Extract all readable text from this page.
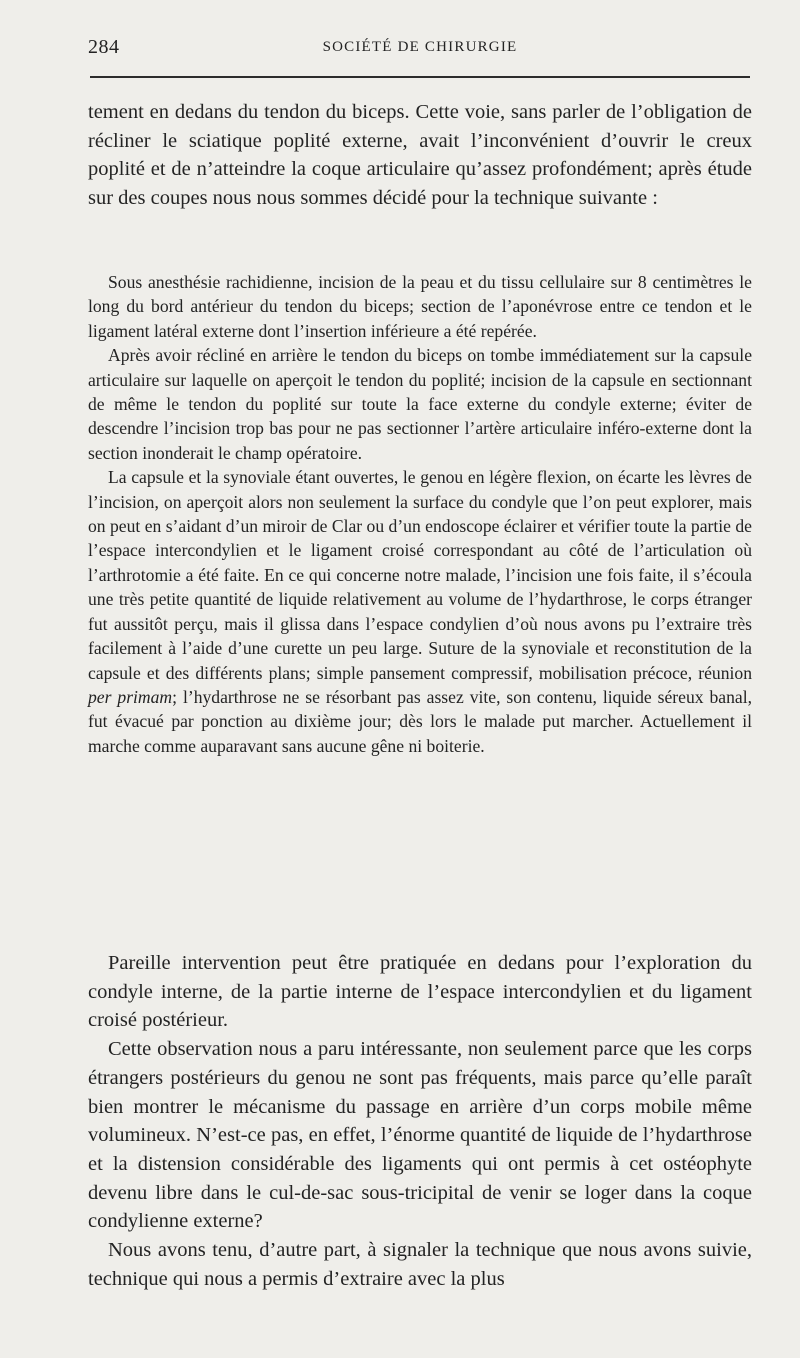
284	SOCIÉTÉ DE CHIRURGIE

tement en dedans du tendon du biceps. Cette voie, sans parler de l’obligation de récliner le sciatique poplité externe, avait l’inconvénient d’ouvrir le creux poplité et de n’atteindre la coque articulaire qu’assez profondément; après étude sur des coupes nous nous sommes décidé pour la technique suivante :

Sous anesthésie rachidienne, incision de la peau et du tissu cellulaire sur 8 centimètres le long du bord antérieur du tendon du biceps; section de l’aponévrose entre ce tendon et le ligament latéral externe dont l’insertion inférieure a été repérée.

Après avoir récliné en arrière le tendon du biceps on tombe immédiatement sur la capsule articulaire sur laquelle on aperçoit le tendon du poplité; incision de la capsule en sectionnant de même le tendon du poplité sur toute la face externe du condyle externe; éviter de descendre l’incision trop bas pour ne pas sectionner l’artère articulaire inféro-externe dont la section inonderait le champ opératoire.

La capsule et la synoviale étant ouvertes, le genou en légère flexion, on écarte les lèvres de l’incision, on aperçoit alors non seulement la surface du condyle que l’on peut explorer, mais on peut en s’aidant d’un miroir de Clar ou d’un endoscope éclairer et vérifier toute la partie de l’espace intercondylien et le ligament croisé correspondant au côté de l’articulation où l’arthrotomie a été faite. En ce qui concerne notre malade, l’incision une fois faite, il s’écoula une très petite quantité de liquide relativement au volume de l’hydarthrose, le corps étranger fut aussitôt perçu, mais il glissa dans l’espace condylien d’où nous avons pu l’extraire très facilement à l’aide d’une curette un peu large. Suture de la synoviale et reconstitution de la capsule et des différents plans; simple pansement compressif, mobilisation précoce, réunion per primam; l’hydarthrose ne se résorbant pas assez vite, son contenu, liquide séreux banal, fut évacué par ponction au dixième jour; dès lors le malade put marcher. Actuellement il marche comme auparavant sans aucune gêne ni boiterie.

Pareille intervention peut être pratiquée en dedans pour l’exploration du condyle interne, de la partie interne de l’espace intercondylien et du ligament croisé postérieur.

Cette observation nous a paru intéressante, non seulement parce que les corps étrangers postérieurs du genou ne sont pas fréquents, mais parce qu’elle paraît bien montrer le mécanisme du passage en arrière d’un corps mobile même volumineux. N’est-ce pas, en effet, l’énorme quantité de liquide de l’hydarthrose et la distension considérable des ligaments qui ont permis à cet ostéophyte devenu libre dans le cul-de-sac sous-tricipital de venir se loger dans la coque condylienne externe?

Nous avons tenu, d’autre part, à signaler la technique que nous avons suivie, technique qui nous a permis d’extraire avec la plus
